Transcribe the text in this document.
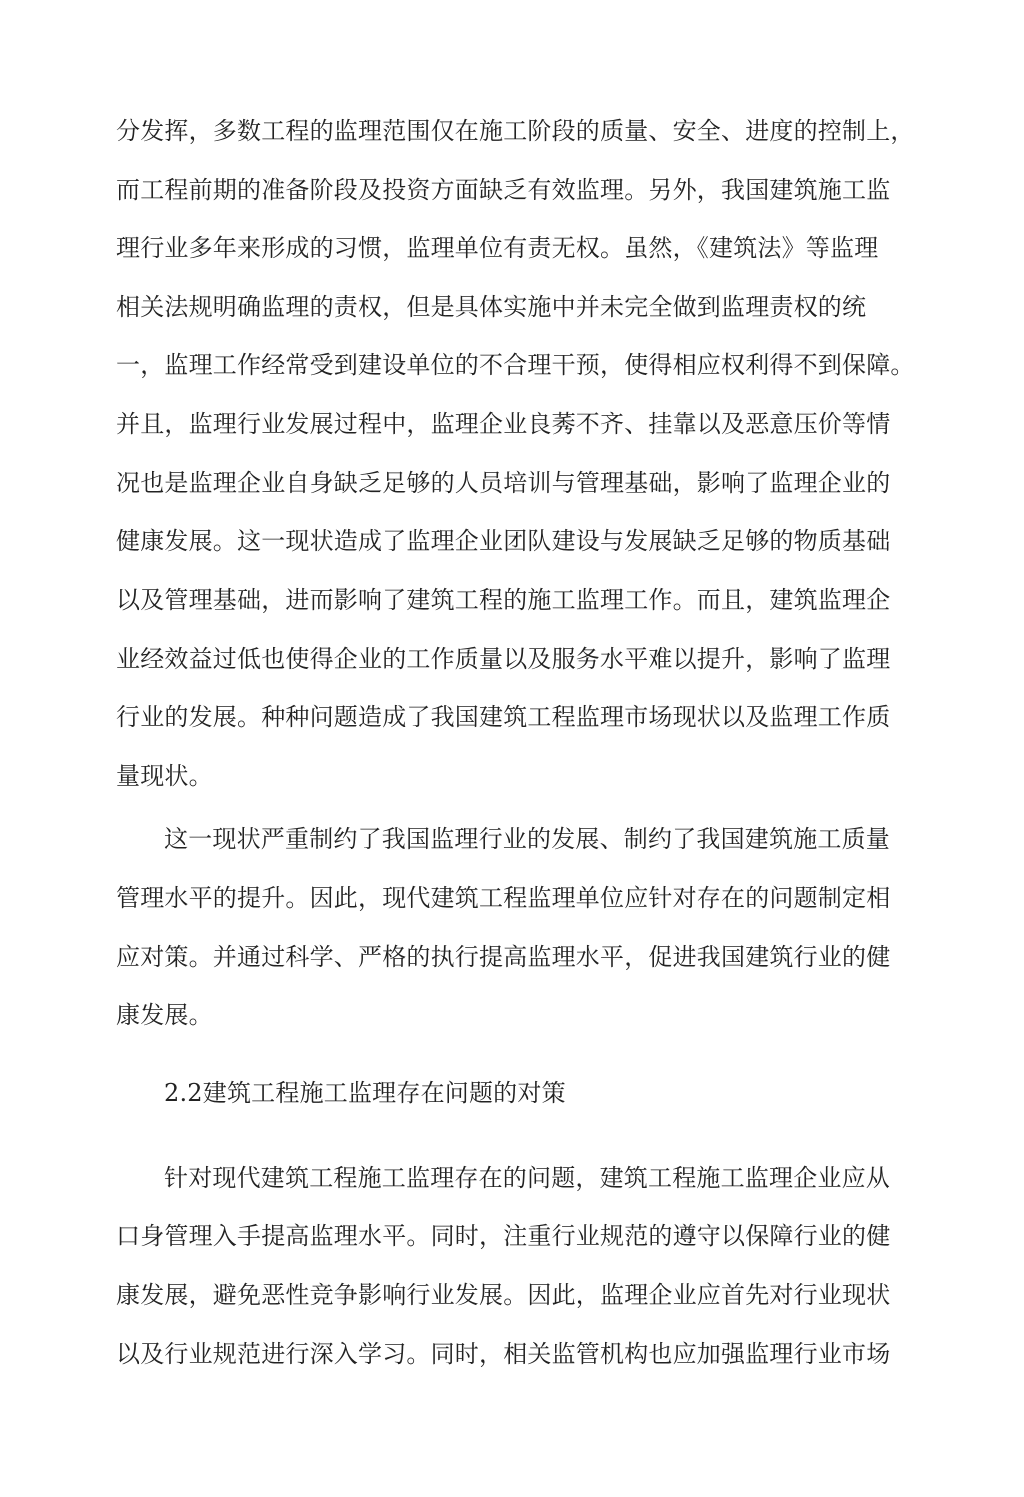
分发挥，多数工程的监理范围仅在施工阶段的质量、安全、进度的控制上，
而工程前期的准备阶段及投资方面缺乏有效监理。另外，我国建筑施工监
理行业多年来形成的习惯，监理单位有责无权。虽然，《建筑法》等监理
相关法规明确监理的责权，但是具体实施中并未完全做到监理责权的统
一，监理工作经常受到建设单位的不合理干预，使得相应权利得不到保障。
并且，监理行业发展过程中，监理企业良莠不齐、挂靠以及恶意压价等情
况也是监理企业自身缺乏足够的人员培训与管理基础，影响了监理企业的
健康发展。这一现状造成了监理企业团队建设与发展缺乏足够的物质基础
以及管理基础，进而影响了建筑工程的施工监理工作。而且，建筑监理企
业经效益过低也使得企业的工作质量以及服务水平难以提升，影响了监理
行业的发展。种种问题造成了我国建筑工程监理市场现状以及监理工作质
量现状。
这一现状严重制约了我国监理行业的发展、制约了我国建筑施工质量
管理水平的提升。因此，现代建筑工程监理单位应针对存在的问题制定相
应对策。并通过科学、严格的执行提高监理水平，促进我国建筑行业的健
康发展。
2.2建筑工程施工监理存在问题的对策
针对现代建筑工程施工监理存在的问题，建筑工程施工监理企业应从
口身管理入手提高监理水平。同时，注重行业规范的遵守以保障行业的健
康发展，避免恶性竞争影响行业发展。因此，监理企业应首先对行业现状
以及行业规范进行深入学习。同时，相关监管机构也应加强监理行业市场
